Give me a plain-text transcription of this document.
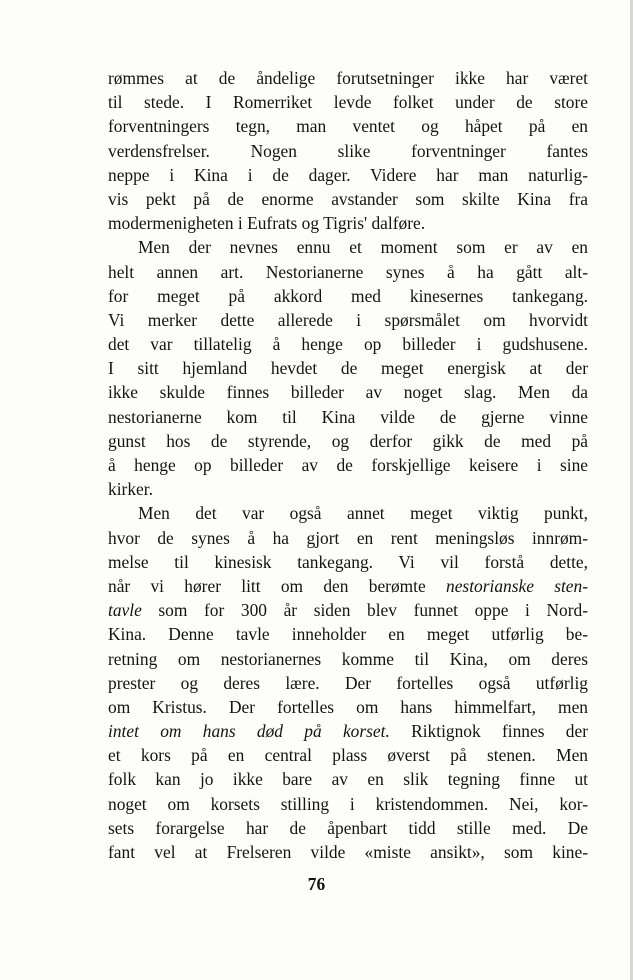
rømmes at de åndelige forutsetninger ikke har været
til stede. I Romerriket levde folket under de store
forventningers tegn, man ventet og håpet på en
verdensfrelser. Nogen slike forventninger fantes
neppe i Kina i de dager. Videre har man naturlig-
vis pekt på de enorme avstander som skilte Kina fra
modermenigheten i Eufrats og Tigris' dalføre.
Men der nevnes ennu et moment som er av en
helt annen art. Nestorianerne synes å ha gått alt-
for meget på akkord med kinesernes tankegang.
Vi merker dette allerede i spørsmålet om hvorvidt
det var tillatelig å henge op billeder i gudshusene.
I sitt hjemland hevdet de meget energisk at der
ikke skulde finnes billeder av noget slag. Men da
nestorianerne kom til Kina vilde de gjerne vinne
gunst hos de styrende, og derfor gikk de med på
å henge op billeder av de forskjellige keisere i sine
kirker.
Men det var også annet meget viktig punkt,
hvor de synes å ha gjort en rent meningsløs innrøm-
melse til kinesisk tankegang. Vi vil forstå dette,
når vi hører litt om den berømte nestorianske sten-
tavle som for 300 år siden blev funnet oppe i Nord-
Kina. Denne tavle inneholder en meget utførlig be-
retning om nestorianernes komme til Kina, om deres
prester og deres lære. Der fortelles også utførlig
om Kristus. Der fortelles om hans himmelfart, men
intet om hans død på korset. Riktignok finnes der
et kors på en central plass øverst på stenen. Men
folk kan jo ikke bare av en slik tegning finne ut
noget om korsets stilling i kristendommen. Nei, kor-
sets forargelse har de åpenbart tidd stille med. De
fant vel at Frelseren vilde «miste ansikt», som kine-
76
